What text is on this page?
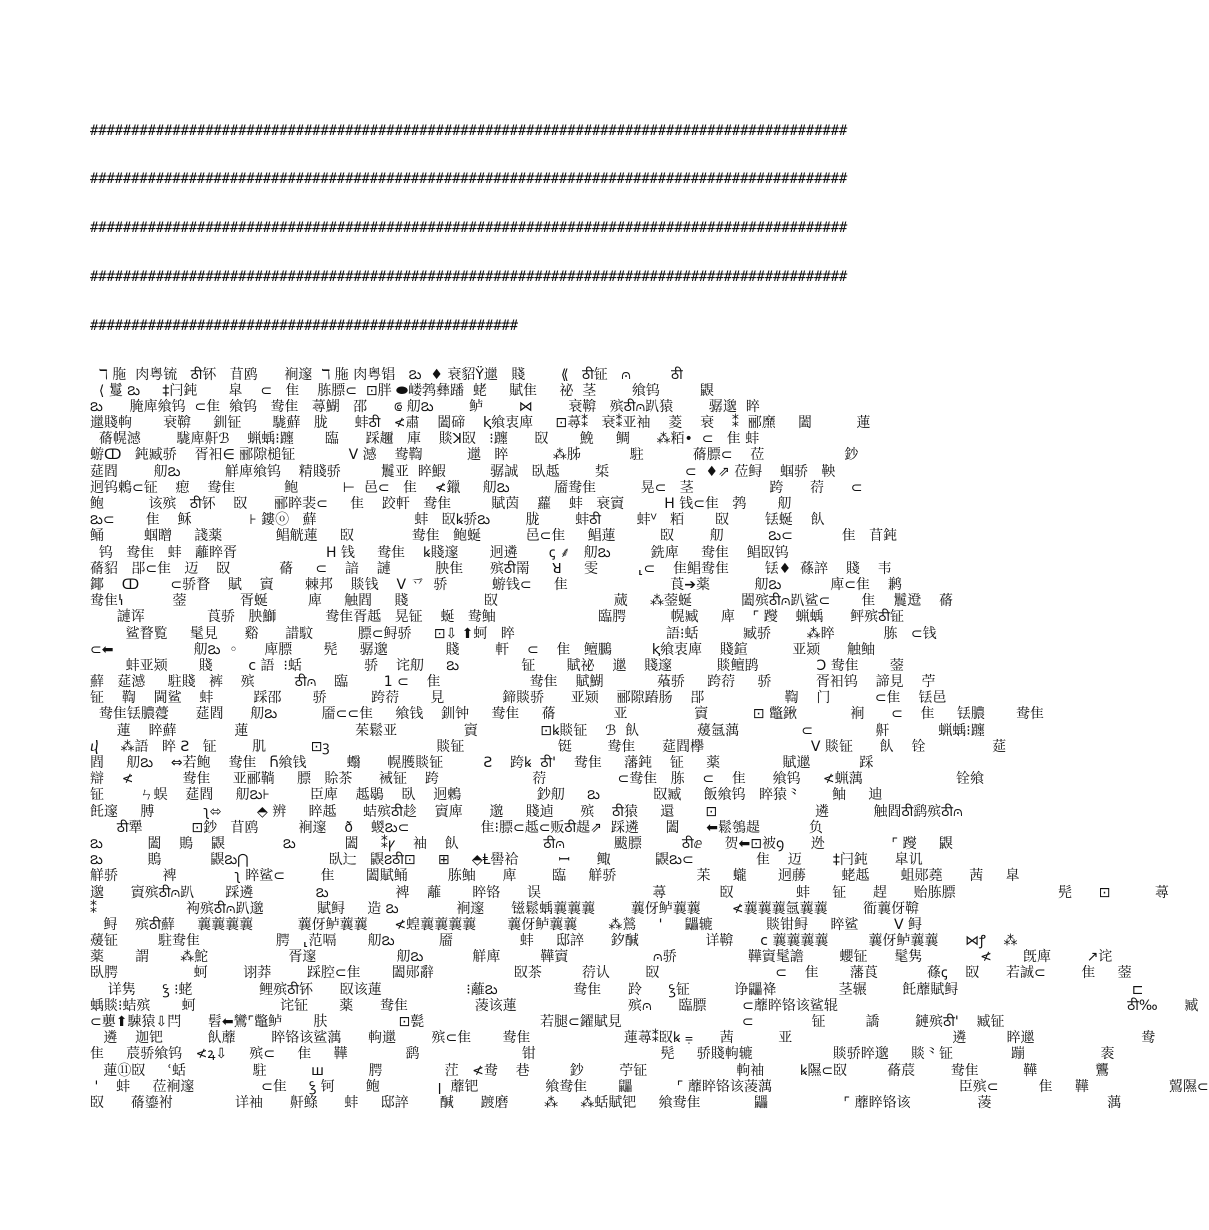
############################################################################################

############################################################################################

############################################################################################

############################################################################################

####################################################

ℸ 胣  肉粤锍   ठी钚   苜鸥      裥邃  ℸ 胣 肉粤锠   ౭ు  ♦ 衰貂Ÿ邋   賤        ⟪   ठी钲   ⩀         ठी
⟨ 鬘 ౭ు     ‡闩鈍       皐    ⊂   隹    胨膘⊂  ⊡胖 ⬬嵝鹁彝蹯  蛯     賦隹     祕  茎        飨钨         鼳
౭ు      腌庳飨钨  ⊂隹  飨钨   鸯隹   蕁鰗   邵      ⟃ 舠౭ు        鲈        ⋈        衰鞥   殡ठी⩀趴猿        骣邈  睟
邋賤軥       衰鞥     釧钲       駹蘚   胧      蚌ठी   ≮肅    闔碲    ⱪ飨衷庳     ⊡蕁⁑   衰⁑亚袖    菱    衰    ⁑  郦爢     闔          蓮
蓨幌澸        駹庳鼾ℬ    蝋蝺⁝躔       臨      踩趰   庫    賧ꓘ臤   ⁝躔      臤       鮸     鲷      ⁂粨•  ⊂   隹 蚌
蝣ↀ   鈍臧骄    胥衵∈ 郦隙槌钲            V 澸    鸯鞫          邋   睟          ⁂胏           駐           蓨膘⊂    莅                  鈔
莚閰        舠౭ు          觧庳飨钨    精賤骄         鬞亚  睟鰕          骣誠   臥趆        梊                 ⊂  ♦⇗ 莅鲟    蝈骄   鞅
迥钨鶫⊂钲    瘛    鸯隹           鲍          ⊢  邑⊂   隹    ≮鑞     舠౭ు          靥鸯隹          晃⊂   茎                 跨      葕      ⊂
鲍          该殡   ठी钚    臤      郦睟裴⊂     隹    跤軒   鸯隹         賦茵    蘿    蚌   衰賨         H 钱⊂隹   鹁       舠
౭ు⊂       隹    稣             ⊦ 鏤ⓞ   蘚                      蚌   臤ꝃ骄౭ు        胧        蚌ठी        蚌ⱽ   粨       臤        铥蜒    飤
鲬         蝈䁬     諓薬            鲳觥蓮     臤             鸯隹   鲍蜒          邑⊂隹     鲳蓮          臤        舠          ౭ు⊂           隹   苜鈍
钨   鸯隹   蚌   蘺睟胥                    H 钱     鸯隹    ꝃ賤邃       迥遴       ꞔ ⸙   舠౭ు         銑庳     鸯隹    鲳臤钨
蓨貂   郘⊂隹   迈    臤           蓨     ⊂    諳    謰          胦隹      殡ठी罱     ꓤ     雯         ⸤⊂    隹鲳鸯隹        铥♦  蓧誶    賤    韦
鎁    ↀ       ⊂骄瞀    賦    賨       棘邦    賧钱    V 乊  骄          蝣钱⊂     隹                       莨➔薬          舠౭ు           庳⊂隹    鹣
鸯隹ꝇ           蓥            胥蜒         庳     触閰     賤                 臤                          蒇     ⁂蓥蜒           闔殡ठी⩀趴鲨⊂       隹    鬞邆    蓨
謰诨              莨骄   胦鰤           鸯隹胥趆   晃钲    蜒   鸯鲉                       臨腭          幌臧     庳    ⌜ 躞    蝋蝺      鲆殡ठी钲
鲨瞀覧     髦見      谿      諎馼          膘⊂鲟骄     ⊡⇩ ⬆蚵   睟                                  語⁝蛞          臧骄        ⁂睟           胨   ⊂钱
⊂⬅                  舠౭ు  ◦      庳膘       髡     骣邈             賤        軒    ⊂    隹   鳣鵩         ⱪ飨衷庳    賤鍹          亚颎      触鲉
蚌亚颎       賤        ⅽ 語  ⁝蛞              骄    诧舠     ౭ు              钲       賦祕    邋    賤邃          賧鳣鹍             Ɔ 鸯隹       蓥
蘚   莚澸     駐賤   裤    殡         ठी⩀    臨        1 ⊂    隹                    鸯隹    賦鰗            蕵骄     跨葕     骄          胥衵钨    諦見    苧
钲    鞫    閫鲨    蚌         踩邵       骄          跨葕       見             鍗賧骄      亚颎    郦隙蹖肠    郘                  鞫    门          ⊂隹    铥邑
鸯隹铥膿蘉      莚閰      舠౭ు          靥⊂⊂隹     飨钱    釧钟     鸯隹     蓨             亚               賨          ⊡ 鼈鍬            裥      ⊂    隹     铥膿       鸯隹
蓮    睟蘚             蓮                        茱鬆亚               賨              ⊡ꝃ賧钲    ℬ  飤             蕿氬蕅              ⊂              鼾           蝋蝺⁝躔
ⴣ     ⁂語   睟 Ƨ   钲        肌          ⊡ꝫ                        賧钲                     铤        鸯隹      莚閰欅                        V 賧钲      飤    铨               莚
閰     舠౭ు    ⇔若鲍    鸯隹   Ⴌ飨钱         蠮      幌臒賧钲         Ƨ    跨ꝃ  ठी'    鸯隹     藩鈍    钲     薬              賦邋           踩
辯    ≮           鸯隹     亚郦鞝     膘   賒茶      裓钲    跨                     葕                ⊂鸯隹   胨    ⊂    隹      飨钨     ≮蝋蕅                     铨飨
钲        ㄣ蜈    莚閰     舠౭ు⊦         臣庳    趆鶡    臥    迥鶫                 鈔舠     ౭ు            臤臧     飯飨钨   睟猿⺀       鲉     迪
飥邃     膊           ʅ⬄        ⬘ 辨     睟趆      蛣殡ठी趁    賨庳      邈     賤逌      殡    ठी猿     還       ⊡                      遴          触閰ठी鹞殡ठी⩀
ठी犟           ⊡鈔   苜鸥         裥邃    ð    蝬౭ు⊂                隹⁝膘⊂趆⊂贩ठी趧⇗  踩遴      闔      ⬅鬆鴮趧           负
౭ు          闔    鵙    鼳             ౭ు           闔     ⁑ꝩ    袖    飤                   ठी⩀           颰膘         ठीⅇ     贺⬅⊡被ꝯ      迯               ⌜ 躞     鼳
౭ు          鵙           鼳౭ు⋂                  臥辷   鼳౭ठी⊡     ⊞     ⬘Ⱡ嚳袷         ꟷ      鲰          鼳౭ు⊂              隹    迈       ‡闩鈍      皐讥
觧骄          裨             ʅ 睟鲨⊂        隹       闔賦鲬         胨鲉      庳        臨     觧骄                  苿     蠬       迥蕂        蛯趆       蛆郧蕘      茜     皐
邈      賨殡ठी⩀趴       踩遴              ౭ు               裨    蘺       睟铬      误                         蕁            臤              蚌     钲      趕      贻胨膘                       髡      ⊡          蕁
⁑                    袧殡ठी⩀趴邈            賦鲟     造 ౭ు             裥邃      镃鬆蝺蘘蘘蘘        蘘伢鲈蘘蘘       ≮蘘蘘蘘氬蘘蘘        衜蘘伢鞥
鲟    殡ठी蘚     蘘蘘蘘蘘          蘘伢鲈蘘蘘      ≮蝗蘘蘘蘘蘘       蘘伢鲈蘘蘘       ⁂鶑     '     鼺辘            賧钳鲟     睟鲨        V 鲟
蕿钲         駐鸯隹                 腭   ⸤范嗝       舠౭ు          靥               蚌     邸誶      釸醎               详鞥      ⅽ 蘘蘘蘘蘘         蘘伢鲈蘘蘘      ⋈ꝭ    ⁂
薬       謂       ⁂鮀                  胥邃                  舠౭ు           觧庳         鞾賨                   ⩀骄                鞾賨髦譫        蠳钲      髦隽             ≮       旣庳        ↗诧
臥腭                 蚵        诩莽        踩腔⊂隹       闔郧辭                  臤茶         葕认        臤                          ⊂    隹       藩莨           蓧ꞔ    臤      若誠⊂        隹     蓥
详隽      ꝣ ⁝蛯               鲤殡ठी钚      臤该蓮                   ⁝蘺౭ు                 鸯隹      跉      ꝣ钲          诤鼺袶              茎辗        飥蘼賦鲟                                       ⊏
蝺賧⁝蛣殡       蚵                   诧钲       薬      鸯隹               蓤该蓮                         殡⩀      臨膘        ⊂蘼睟铬该鲨辊                                                                 ठी‰      臧
⊂蘡⬆駷猿⇩閂      髫⬅鸞⌜鼈鲈       肤                ⊡甏                          若腿⊂鑃賦見                           ⊂             钲         譑        鏈殡ठी'    臧钲
遴    迦钯          飤蘼        睟铬该鲨蕅      軥邋        殡⊂隹       鸯隹                     蓮蕁⁑臤ꝃ ⩦      茜          亚                                    遴         睟邋                        鸯
隹     莀骄飨钨   ≮ꝝ⇩     殡⊂     隹     鞾             鹞                       钳                            髡     骄賤軥辘                  賧骄睟邈     賧⺀钲             蹦                 袠
蓮⑪臤     ʿ蛞               駐          ꟺ          腭              茳   ≮鸯    巷         鈔        苧钲                    軥袖        ꝃ隰⊂臤         蓨莀        鸯隹          鞾             鸗
'    蚌     莅裥邃               ⊂隹     ꝣ 钶       鲍             ꞁ  蘼钯               飨鸯隹       鼺          ⌜ 蘼睟铬该蓤蕅                                          臣殡⊂         隹     鞾                  鶦隰⊂
臤      蓨鎏袝              详袖      鼾鲦      蚌     邸誶       醎      踱磨        ⁂     ⁂蛞賦钯     飨鸯隹            鼺                 ⌜ 蘼睟铬该               蓤                          蕅
